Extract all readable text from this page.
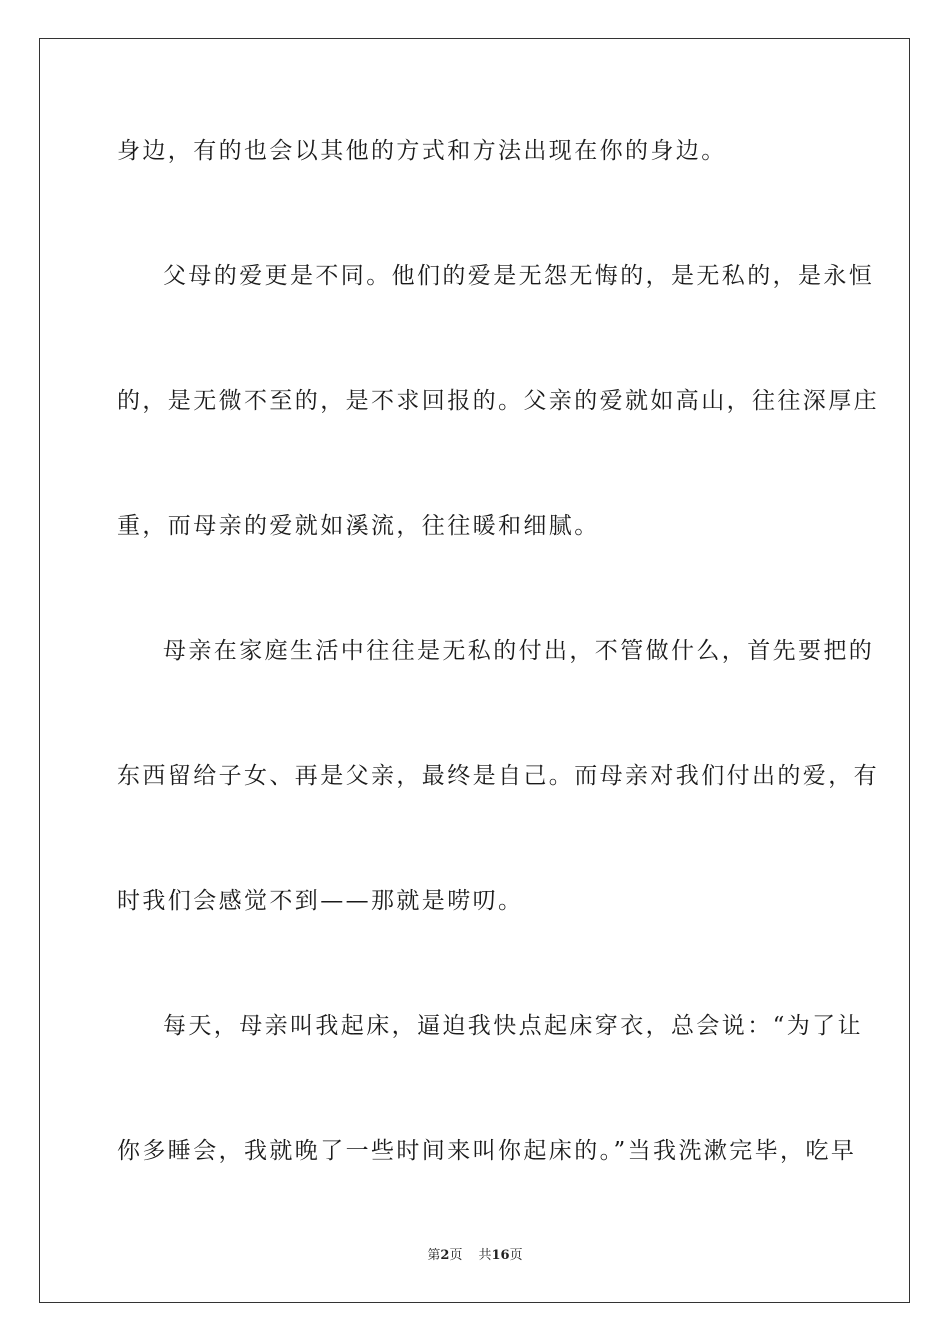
身边，有的也会以其他的方式和方法出现在你的身边。
父母的爱更是不同。他们的爱是无怨无悔的，是无私的，是永恒
的，是无微不至的，是不求回报的。父亲的爱就如高山，往往深厚庄
重，而母亲的爱就如溪流，往往暖和细腻。
母亲在家庭生活中往往是无私的付出，不管做什么，首先要把的
东西留给子女、再是父亲，最终是自己。而母亲对我们付出的爱，有
时我们会感觉不到——那就是唠叨。
每天，母亲叫我起床，逼迫我快点起床穿衣，总会说：“为了让
你多睡会，我就晚了一些时间来叫你起床的。”当我洗漱完毕，吃早
第2页 共16页
